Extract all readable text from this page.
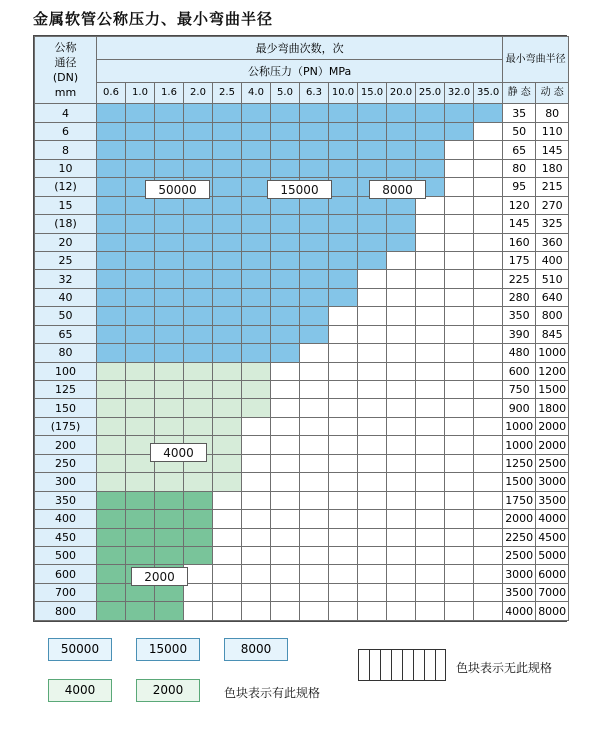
金属软管公称压力、最小弯曲半径
公称
通径
(DN)
mm	最少弯曲次数，次														最小弯曲半径	
	公称压力（PN）MPa															
	0.6	1.0	1.6	2.0	2.5	4.0	5.0	6.3	10.0	15.0	20.0	25.0	32.0	35.0	静 态	动 态
4															35	80
6															50	110
8															65	145
10															80	180
(12)															95	215
15															120	270
(18)															145	325
20															160	360
25															175	400
32															225	510
40															280	640
50															350	800
65															390	845
80															480	1000
100															600	1200
125															750	1500
150															900	1800
(175)															1000	2000
200															1000	2000
250															1250	2500
300															1500	3000
350															1750	3500
400															2000	4000
450															2250	4500
500															2500	5000
600															3000	6000
700															3500	7000
800															4000	8000
50000	15000	8000
4000
2000
50000	15000	8000
4000	2000	色块表示有此规格
色块表示无此规格
